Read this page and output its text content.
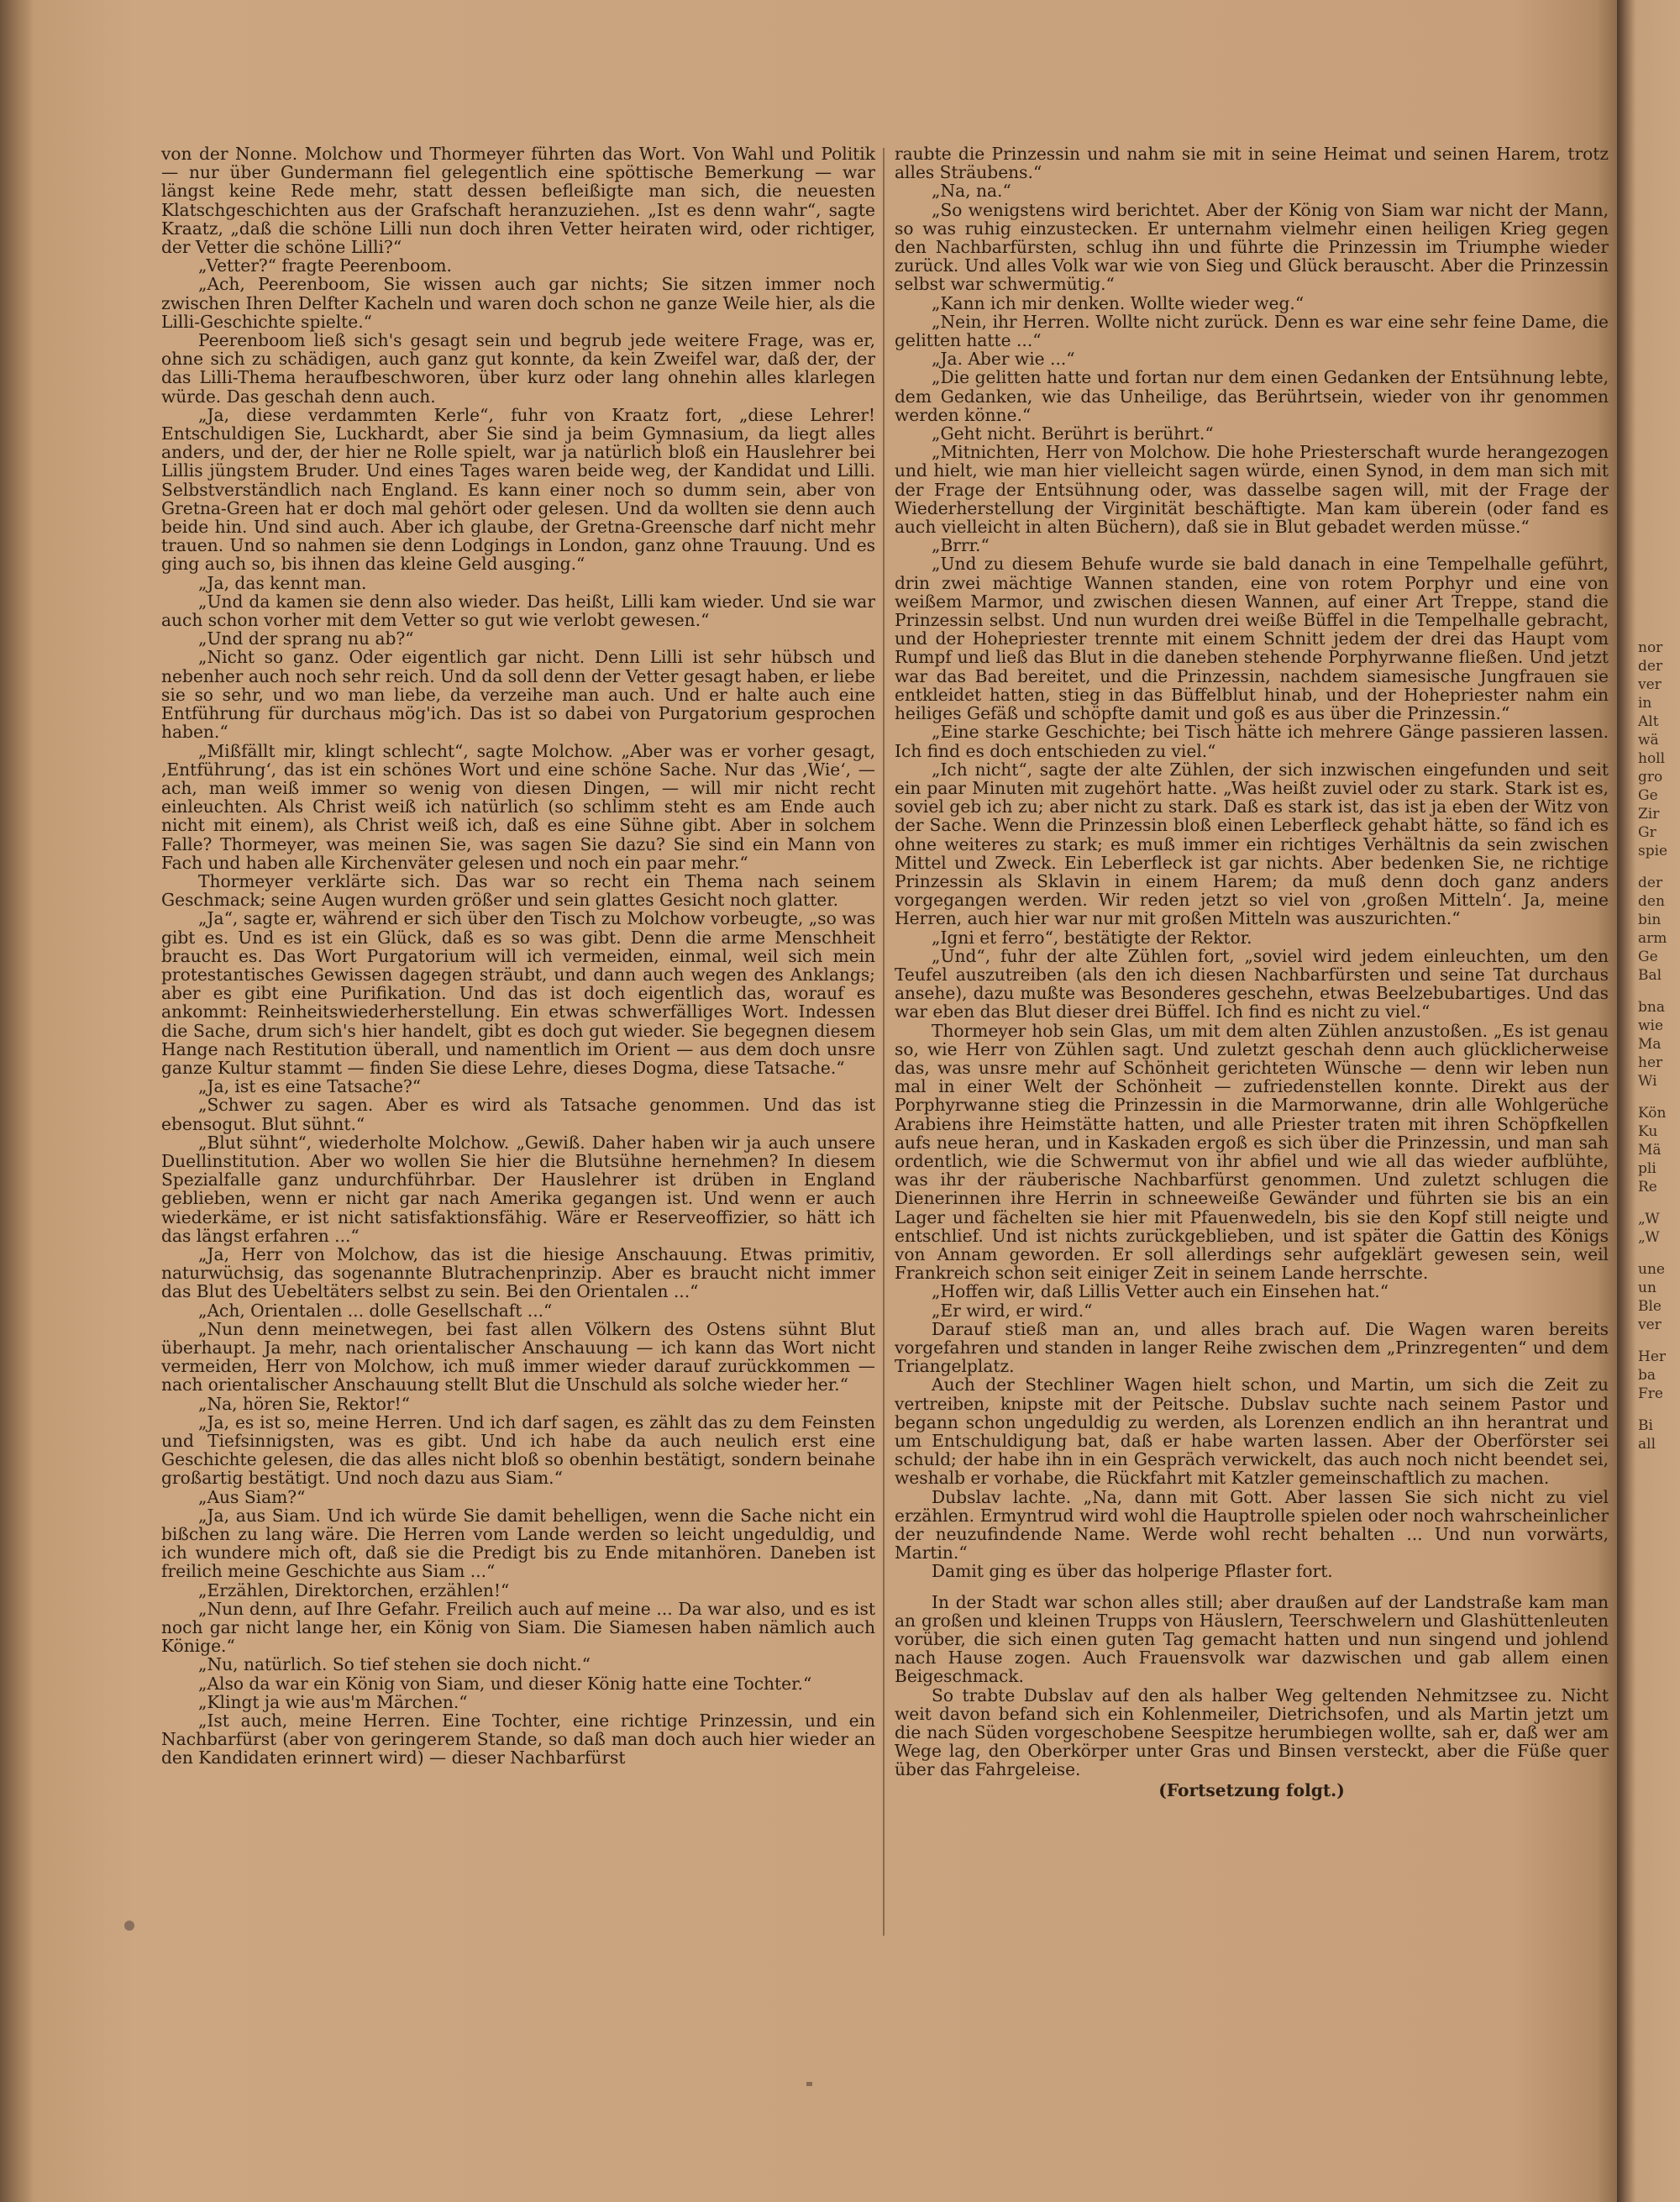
von der Nonne. Molchow und Thormeyer führten das Wort. Von Wahl und Politik — nur über Gundermann fiel gelegentlich eine spöttische Bemerkung — war längst keine Rede mehr, statt dessen befleißigte man sich, die neuesten Klatschgeschichten aus der Grafschaft heranzuziehen. „Ist es denn wahr“, sagte Kraatz, „daß die schöne Lilli nun doch ihren Vetter heiraten wird, oder richtiger, der Vetter die schöne Lilli?“

„Vetter?“ fragte Peerenboom.

„Ach, Peerenboom, Sie wissen auch gar nichts; Sie sitzen immer noch zwischen Ihren Delfter Kacheln und waren doch schon ne ganze Weile hier, als die Lilli-Geschichte spielte.“

Peerenboom ließ sich's gesagt sein und begrub jede weitere Frage, was er, ohne sich zu schädigen, auch ganz gut konnte, da kein Zweifel war, daß der, der das Lilli-Thema heraufbeschworen, über kurz oder lang ohnehin alles klarlegen würde. Das geschah denn auch.

„Ja, diese verdammten Kerle“, fuhr von Kraatz fort, „diese Lehrer! Entschuldigen Sie, Luckhardt, aber Sie sind ja beim Gymnasium, da liegt alles anders, und der, der hier ne Rolle spielt, war ja natürlich bloß ein Hauslehrer bei Lillis jüngstem Bruder. Und eines Tages waren beide weg, der Kandidat und Lilli. Selbstverständlich nach England. Es kann einer noch so dumm sein, aber von Gretna-Green hat er doch mal gehört oder gelesen. Und da wollten sie denn auch beide hin. Und sind auch. Aber ich glaube, der Gretna-Greensche darf nicht mehr trauen. Und so nahmen sie denn Lodgings in London, ganz ohne Trauung. Und es ging auch so, bis ihnen das kleine Geld ausging.“

„Ja, das kennt man.

„Und da kamen sie denn also wieder. Das heißt, Lilli kam wieder. Und sie war auch schon vorher mit dem Vetter so gut wie verlobt gewesen.“

„Und der sprang nu ab?“

„Nicht so ganz. Oder eigentlich gar nicht. Denn Lilli ist sehr hübsch und nebenher auch noch sehr reich. Und da soll denn der Vetter gesagt haben, er liebe sie so sehr, und wo man liebe, da verzeihe man auch. Und er halte auch eine Entführung für durchaus mög'ich. Das ist so dabei von Purgatorium gesprochen haben.“

„Mißfällt mir, klingt schlecht“, sagte Molchow. „Aber was er vorher gesagt, ‚Entführung‘, das ist ein schönes Wort und eine schöne Sache. Nur das ‚Wie‘, — ach, man weiß immer so wenig von diesen Dingen, — will mir nicht recht einleuchten. Als Christ weiß ich natürlich (so schlimm steht es am Ende auch nicht mit einem), als Christ weiß ich, daß es eine Sühne gibt. Aber in solchem Falle? Thormeyer, was meinen Sie, was sagen Sie dazu? Sie sind ein Mann von Fach und haben alle Kirchenväter gelesen und noch ein paar mehr.“

Thormeyer verklärte sich. Das war so recht ein Thema nach seinem Geschmack; seine Augen wurden größer und sein glattes Gesicht noch glatter.

„Ja“, sagte er, während er sich über den Tisch zu Molchow vorbeugte, „so was gibt es. Und es ist ein Glück, daß es so was gibt. Denn die arme Menschheit braucht es. Das Wort Purgatorium will ich vermeiden, einmal, weil sich mein protestantisches Gewissen dagegen sträubt, und dann auch wegen des Anklangs; aber es gibt eine Purifikation. Und das ist doch eigentlich das, worauf es ankommt: Reinheitswiederherstellung. Ein etwas schwerfälliges Wort. Indessen die Sache, drum sich's hier handelt, gibt es doch gut wieder. Sie begegnen diesem Hange nach Restitution überall, und namentlich im Orient — aus dem doch unsre ganze Kultur stammt — finden Sie diese Lehre, dieses Dogma, diese Tatsache.“

„Ja, ist es eine Tatsache?“

„Schwer zu sagen. Aber es wird als Tatsache genommen. Und das ist ebensogut. Blut sühnt.“

„Blut sühnt“, wiederholte Molchow. „Gewiß. Daher haben wir ja auch unsere Duellinstitution. Aber wo wollen Sie hier die Blutsühne hernehmen? In diesem Spezialfalle ganz undurchführbar. Der Hauslehrer ist drüben in England geblieben, wenn er nicht gar nach Amerika gegangen ist. Und wenn er auch wiederkäme, er ist nicht satisfaktionsfähig. Wäre er Reserveoffizier, so hätt ich das längst erfahren ...“

„Ja, Herr von Molchow, das ist die hiesige Anschauung. Etwas primitiv, naturwüchsig, das sogenannte Blutrachenprinzip. Aber es braucht nicht immer das Blut des Uebeltäters selbst zu sein. Bei den Orientalen ...“

„Ach, Orientalen ... dolle Gesellschaft ...“

„Nun denn meinetwegen, bei fast allen Völkern des Ostens sühnt Blut überhaupt. Ja mehr, nach orientalischer Anschauung — ich kann das Wort nicht vermeiden, Herr von Molchow, ich muß immer wieder darauf zurückkommen — nach orientalischer Anschauung stellt Blut die Unschuld als solche wieder her.“

„Na, hören Sie, Rektor!“

„Ja, es ist so, meine Herren. Und ich darf sagen, es zählt das zu dem Feinsten und Tiefsinnigsten, was es gibt. Und ich habe da auch neulich erst eine Geschichte gelesen, die das alles nicht bloß so obenhin bestätigt, sondern beinahe großartig bestätigt. Und noch dazu aus Siam.“

„Aus Siam?“

„Ja, aus Siam. Und ich würde Sie damit behelligen, wenn die Sache nicht ein bißchen zu lang wäre. Die Herren vom Lande werden so leicht ungeduldig, und ich wundere mich oft, daß sie die Predigt bis zu Ende mitanhören. Daneben ist freilich meine Geschichte aus Siam ...“

„Erzählen, Direktorchen, erzählen!“

„Nun denn, auf Ihre Gefahr. Freilich auch auf meine ... Da war also, und es ist noch gar nicht lange her, ein König von Siam. Die Siamesen haben nämlich auch Könige.“

„Nu, natürlich. So tief stehen sie doch nicht.“

„Also da war ein König von Siam, und dieser König hatte eine Tochter.“

„Klingt ja wie aus'm Märchen.“

„Ist auch, meine Herren. Eine Tochter, eine richtige Prinzessin, und ein Nachbarfürst (aber von geringerem Stande, so daß man doch auch hier wieder an den Kandidaten erinnert wird) — dieser Nachbarfürst

raubte die Prinzessin und nahm sie mit in seine Heimat und seinen Harem, trotz alles Sträubens.“

„Na, na.“

„So wenigstens wird berichtet. Aber der König von Siam war nicht der Mann, so was ruhig einzustecken. Er unternahm vielmehr einen heiligen Krieg gegen den Nachbarfürsten, schlug ihn und führte die Prinzessin im Triumphe wieder zurück. Und alles Volk war wie von Sieg und Glück berauscht. Aber die Prinzessin selbst war schwermütig.“

„Kann ich mir denken. Wollte wieder weg.“

„Nein, ihr Herren. Wollte nicht zurück. Denn es war eine sehr feine Dame, die gelitten hatte ...“

„Ja. Aber wie ...“

„Die gelitten hatte und fortan nur dem einen Gedanken der Entsühnung lebte, dem Gedanken, wie das Unheilige, das Berührtsein, wieder von ihr genommen werden könne.“

„Geht nicht. Berührt is berührt.“

„Mitnichten, Herr von Molchow. Die hohe Priesterschaft wurde herangezogen und hielt, wie man hier vielleicht sagen würde, einen Synod, in dem man sich mit der Frage der Entsühnung oder, was dasselbe sagen will, mit der Frage der Wiederherstellung der Virginität beschäftigte. Man kam überein (oder fand es auch vielleicht in alten Büchern), daß sie in Blut gebadet werden müsse.“

„Brrr.“

„Und zu diesem Behufe wurde sie bald danach in eine Tempelhalle geführt, drin zwei mächtige Wannen standen, eine von rotem Porphyr und eine von weißem Marmor, und zwischen diesen Wannen, auf einer Art Treppe, stand die Prinzessin selbst. Und nun wurden drei weiße Büffel in die Tempelhalle gebracht, und der Hohepriester trennte mit einem Schnitt jedem der drei das Haupt vom Rumpf und ließ das Blut in die daneben stehende Porphyrwanne fließen. Und jetzt war das Bad bereitet, und die Prinzessin, nachdem siamesische Jungfrauen sie entkleidet hatten, stieg in das Büffelblut hinab, und der Hohepriester nahm ein heiliges Gefäß und schöpfte damit und goß es aus über die Prinzessin.“

„Eine starke Geschichte; bei Tisch hätte ich mehrere Gänge passieren lassen. Ich find es doch entschieden zu viel.“

„Ich nicht“, sagte der alte Zühlen, der sich inzwischen eingefunden und seit ein paar Minuten mit zugehört hatte. „Was heißt zuviel oder zu stark. Stark ist es, soviel geb ich zu; aber nicht zu stark. Daß es stark ist, das ist ja eben der Witz von der Sache. Wenn die Prinzessin bloß einen Leberfleck gehabt hätte, so fänd ich es ohne weiteres zu stark; es muß immer ein richtiges Verhältnis da sein zwischen Mittel und Zweck. Ein Leberfleck ist gar nichts. Aber bedenken Sie, ne richtige Prinzessin als Sklavin in einem Harem; da muß denn doch ganz anders vorgegangen werden. Wir reden jetzt so viel von ‚großen Mitteln‘. Ja, meine Herren, auch hier war nur mit großen Mitteln was auszurichten.“

„Igni et ferro“, bestätigte der Rektor.

„Und“, fuhr der alte Zühlen fort, „soviel wird jedem einleuchten, um den Teufel auszutreiben (als den ich diesen Nachbarfürsten und seine Tat durchaus ansehe), dazu mußte was Besonderes geschehn, etwas Beelzebubartiges. Und das war eben das Blut dieser drei Büffel. Ich find es nicht zu viel.“

Thormeyer hob sein Glas, um mit dem alten Zühlen anzustoßen. „Es ist genau so, wie Herr von Zühlen sagt. Und zuletzt geschah denn auch glücklicherweise das, was unsre mehr auf Schönheit gerichteten Wünsche — denn wir leben nun mal in einer Welt der Schönheit — zufriedenstellen konnte. Direkt aus der Porphyrwanne stieg die Prinzessin in die Marmorwanne, drin alle Wohlgerüche Arabiens ihre Heimstätte hatten, und alle Priester traten mit ihren Schöpfkellen aufs neue heran, und in Kaskaden ergoß es sich über die Prinzessin, und man sah ordentlich, wie die Schwermut von ihr abfiel und wie all das wieder aufblühte, was ihr der räuberische Nachbarfürst genommen. Und zuletzt schlugen die Dienerinnen ihre Herrin in schneeweiße Gewänder und führten sie bis an ein Lager und fächelten sie hier mit Pfauenwedeln, bis sie den Kopf still neigte und entschlief. Und ist nichts zurückgeblieben, und ist später die Gattin des Königs von Annam geworden. Er soll allerdings sehr aufgeklärt gewesen sein, weil Frankreich schon seit einiger Zeit in seinem Lande herrschte.

„Hoffen wir, daß Lillis Vetter auch ein Einsehen hat.“

„Er wird, er wird.“

Darauf stieß man an, und alles brach auf. Die Wagen waren bereits vorgefahren und standen in langer Reihe zwischen dem „Prinzregenten“ und dem Triangelplatz.

Auch der Stechliner Wagen hielt schon, und Martin, um sich die Zeit zu vertreiben, knipste mit der Peitsche. Dubslav suchte nach seinem Pastor und begann schon ungeduldig zu werden, als Lorenzen endlich an ihn herantrat und um Entschuldigung bat, daß er habe warten lassen. Aber der Oberförster sei schuld; der habe ihn in ein Gespräch verwickelt, das auch noch nicht beendet sei, weshalb er vorhabe, die Rückfahrt mit Katzler gemeinschaftlich zu machen.

Dubslav lachte. „Na, dann mit Gott. Aber lassen Sie sich nicht zu viel erzählen. Ermyntrud wird wohl die Hauptrolle spielen oder noch wahrscheinlicher der neuzufindende Name. Werde wohl recht behalten ... Und nun vorwärts, Martin.“

Damit ging es über das holperige Pflaster fort.

In der Stadt war schon alles still; aber draußen auf der Landstraße kam man an großen und kleinen Trupps von Häuslern, Teerschwelern und Glashüttenleuten vorüber, die sich einen guten Tag gemacht hatten und nun singend und johlend nach Hause zogen. Auch Frauensvolk war dazwischen und gab allem einen Beigeschmack.

So trabte Dubslav auf den als halber Weg geltenden Nehmitzsee zu. Nicht weit davon befand sich ein Kohlenmeiler, Dietrichsofen, und als Martin jetzt um die nach Süden vorgeschobene Seespitze herumbiegen wollte, sah er, daß wer am Wege lag, den Oberkörper unter Gras und Binsen versteckt, aber die Füße quer über das Fahrgeleise.

(Fortsetzung folgt.)

nor
der
ver
in
Alt
wä
holl
gro
Ge
Zir
Gr
spie
der
den
bin
arm
Ge
Bal
bna
wie
Ma
her
Wi
Kön
Ku
Mä
pli
Re
„W
„W
une
un
Ble
ver
Her
ba
Fre
Bi
all
